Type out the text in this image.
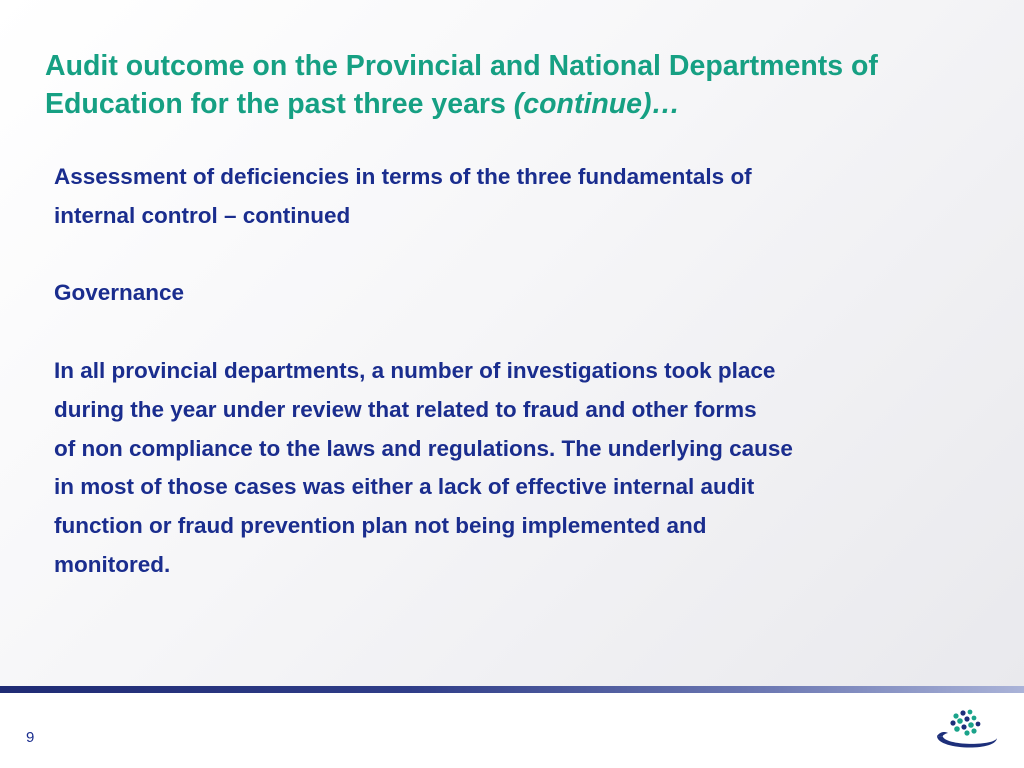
Audit outcome on the Provincial and National Departments of Education for the past three years (continue)…

Assessment of deficiencies in terms of the three fundamentals of

internal control – continued

Governance

In all provincial departments, a number of investigations took place

during the year under review that related to fraud and other forms

of non compliance to the laws and regulations. The underlying cause

in most of those cases was either a lack of effective internal audit

function or fraud prevention plan not being implemented and

monitored.

9
